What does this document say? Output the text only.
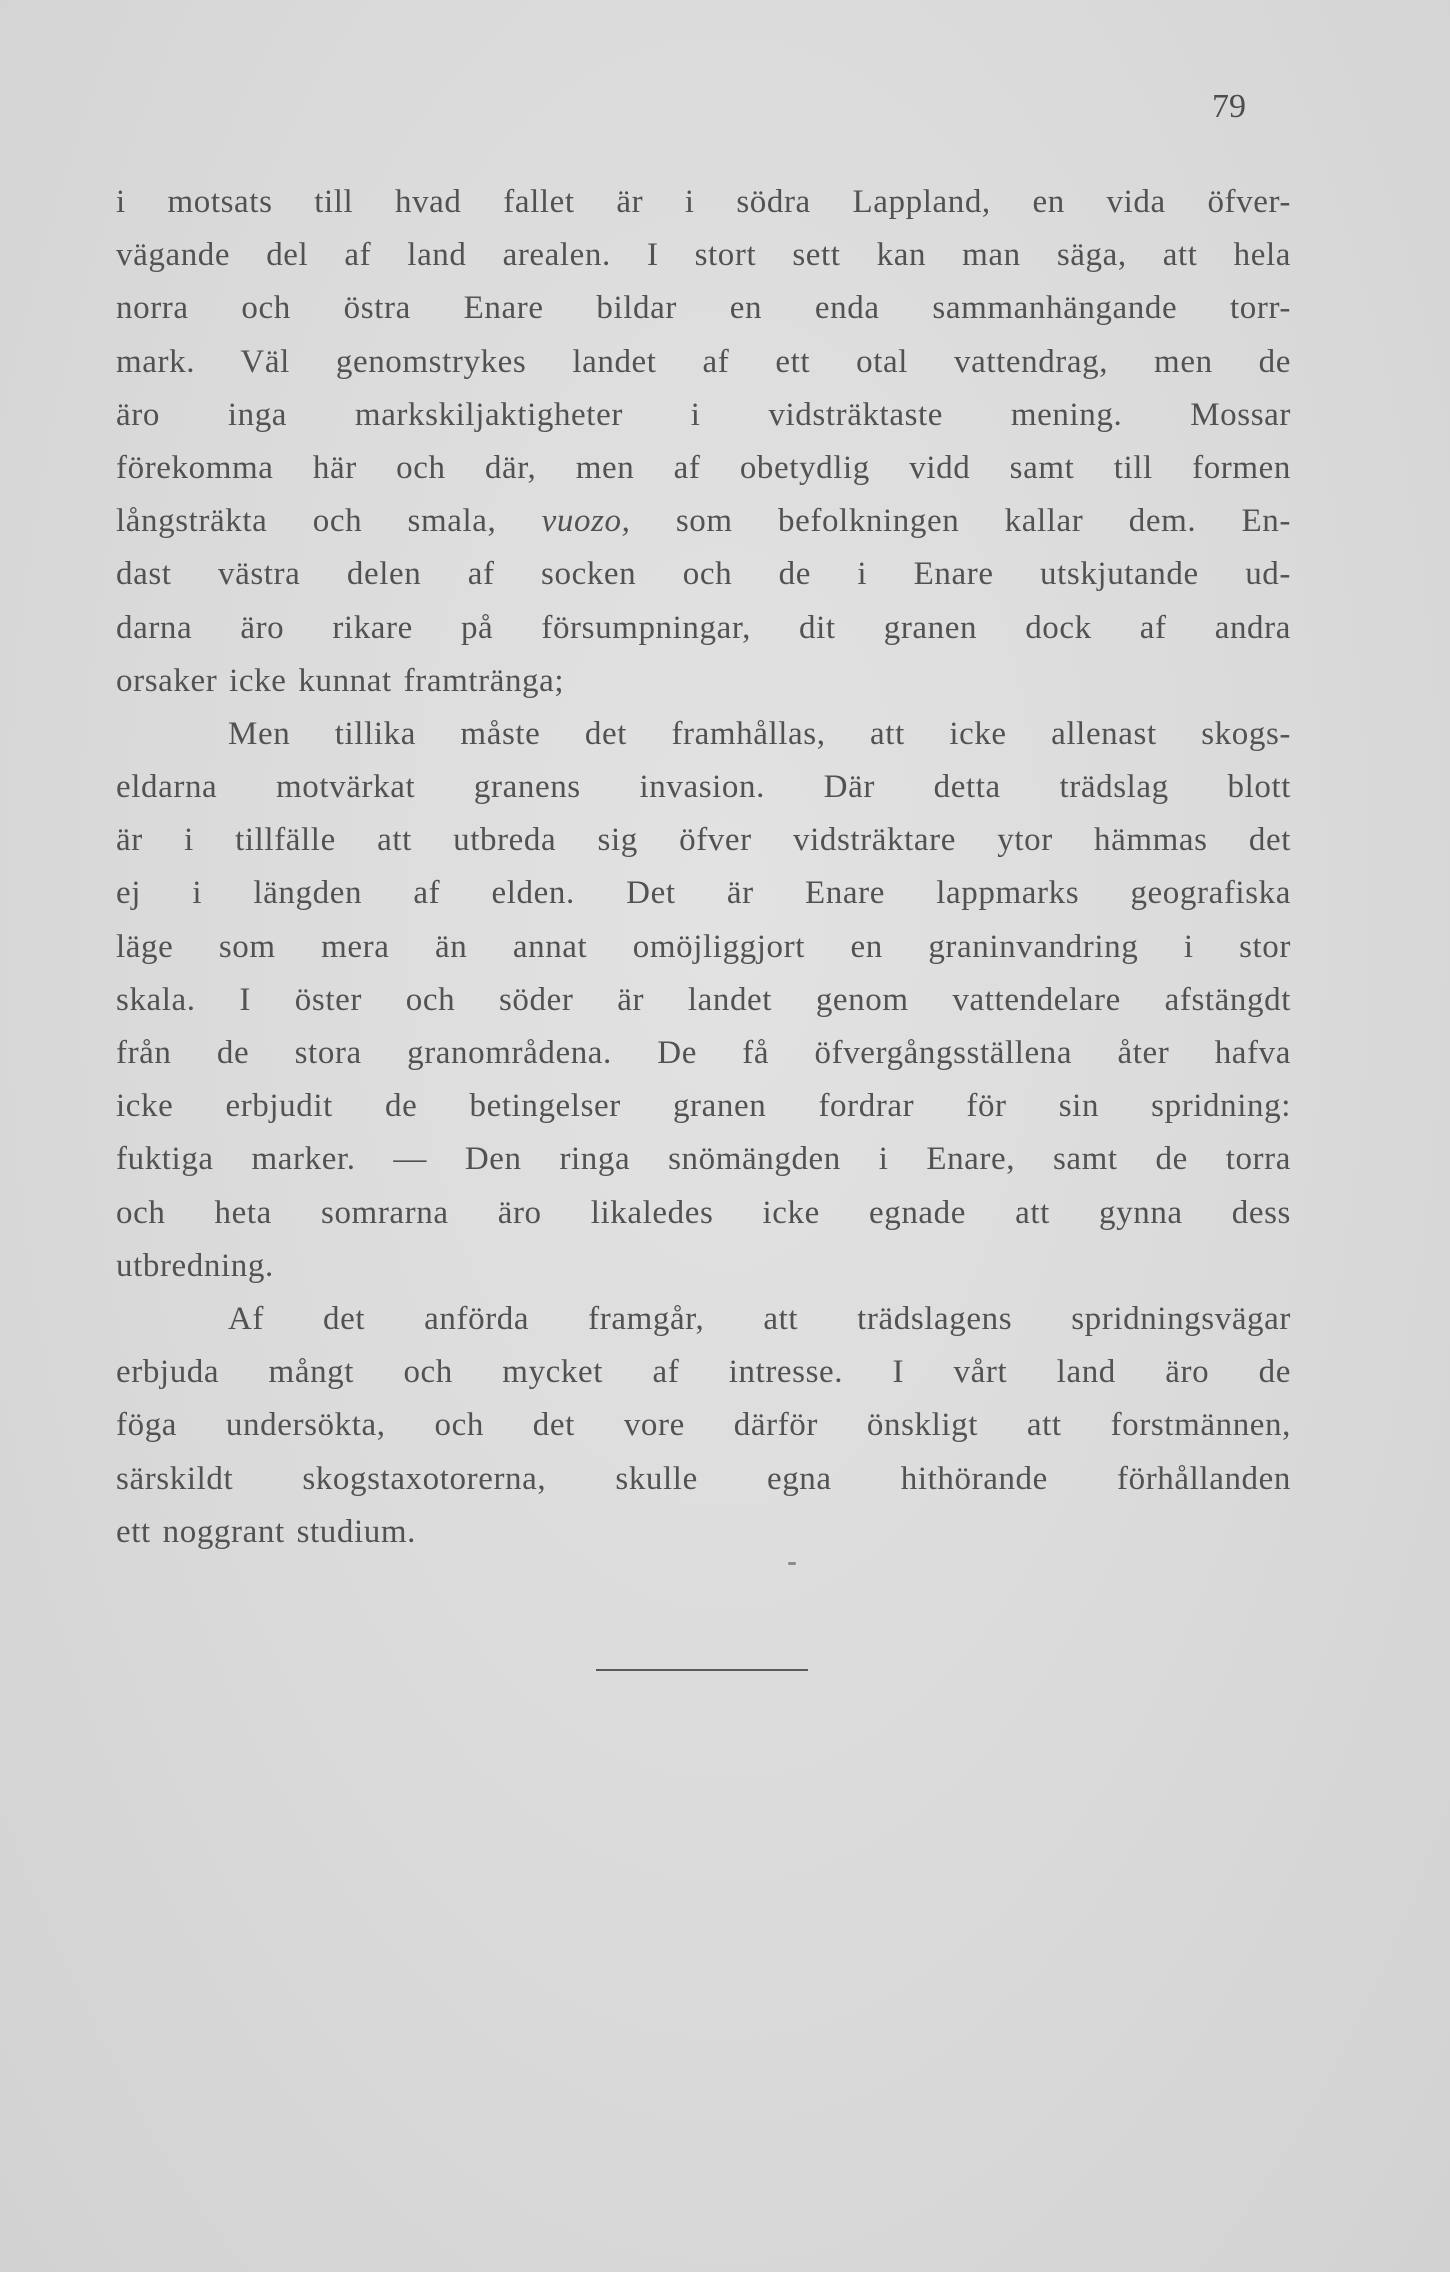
79

i motsats till hvad fallet är i södra Lappland, en vida öfver-
vägande del af land arealen. I stort sett kan man säga, att hela
norra och östra Enare bildar en enda sammanhängande torr-
mark. Väl genomstrykes landet af ett otal vattendrag, men de
äro inga markskiljaktigheter i vidsträktaste mening. Mossar
förekomma här och där, men af obetydlig vidd samt till formen
långsträkta och smala, vuozo, som befolkningen kallar dem. En-
dast västra delen af socken och de i Enare utskjutande ud-
darna äro rikare på försumpningar, dit granen dock af andra
orsaker icke kunnat framtränga;

Men tillika måste det framhållas, att icke allenast skogs-
eldarna motvärkat granens invasion. Där detta trädslag blott
är i tillfälle att utbreda sig öfver vidsträktare ytor hämmas det
ej i längden af elden. Det är Enare lappmarks geografiska
läge som mera än annat omöjliggjort en graninvandring i stor
skala. I öster och söder är landet genom vattendelare afstängdt
från de stora granområdena. De få öfvergångsställena åter hafva
icke erbjudit de betingelser granen fordrar för sin spridning:
fuktiga marker. — Den ringa snömängden i Enare, samt de torra
och heta somrarna äro likaledes icke egnade att gynna dess
utbredning.

Af det anförda framgår, att trädslagens spridningsvägar
erbjuda mångt och mycket af intresse. I vårt land äro de
föga undersökta, och det vore därför önskligt att forstmännen,
särskildt skogstaxotorerna, skulle egna hithörande förhållanden
ett noggrant studium.
